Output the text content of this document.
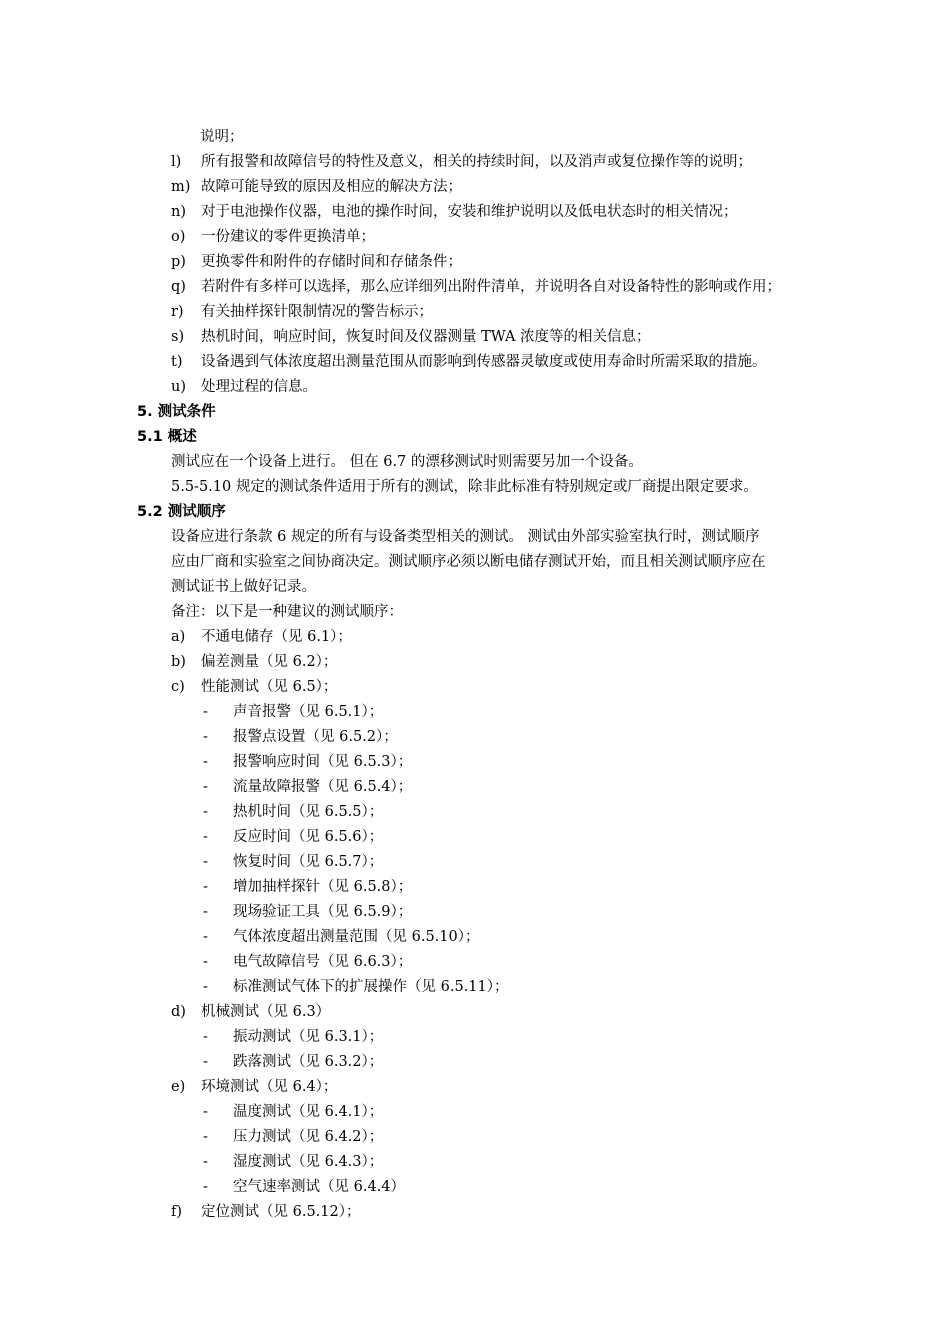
说明；
l) 所有报警和故障信号的特性及意义，相关的持续时间，以及消声或复位操作等的说明；
m) 故障可能导致的原因及相应的解决方法；
n) 对于电池操作仪器，电池的操作时间，安装和维护说明以及低电状态时的相关情况；
o) 一份建议的零件更换清单；
p) 更换零件和附件的存储时间和存储条件；
q) 若附件有多样可以选择，那么应详细列出附件清单，并说明各自对设备特性的影响或作用；
r) 有关抽样探针限制情况的警告标示；
s) 热机时间，响应时间，恢复时间及仪器测量 TWA 浓度等的相关信息；
t) 设备遇到气体浓度超出测量范围从而影响到传感器灵敏度或使用寿命时所需采取的措施。
u) 处理过程的信息。
5. 测试条件
5.1 概述
测试应在一个设备上进行。 但在 6.7 的漂移测试时则需要另加一个设备。
5.5-5.10 规定的测试条件适用于所有的测试，除非此标准有特别规定或厂商提出限定要求。
5.2 测试顺序
设备应进行条款 6 规定的所有与设备类型相关的测试。 测试由外部实验室执行时，测试顺序
应由厂商和实验室之间协商决定。测试顺序必须以断电储存测试开始，而且相关测试顺序应在
测试证书上做好记录。
备注：以下是一种建议的测试顺序：
a) 不通电储存（见 6.1）；
b) 偏差测量（见 6.2）；
c) 性能测试（见 6.5）；
- 声音报警（见 6.5.1）；
- 报警点设置（见 6.5.2）；
- 报警响应时间（见 6.5.3）；
- 流量故障报警（见 6.5.4）；
- 热机时间（见 6.5.5）；
- 反应时间（见 6.5.6）；
- 恢复时间（见 6.5.7）；
- 增加抽样探针（见 6.5.8）；
- 现场验证工具（见 6.5.9）；
- 气体浓度超出测量范围（见 6.5.10）；
- 电气故障信号（见 6.6.3）；
- 标准测试气体下的扩展操作（见 6.5.11）；
d) 机械测试（见 6.3）
- 振动测试（见 6.3.1）；
- 跌落测试（见 6.3.2）；
e) 环境测试（见 6.4）；
- 温度测试（见 6.4.1）；
- 压力测试（见 6.4.2）；
- 湿度测试（见 6.4.3）；
- 空气速率测试（见 6.4.4）
f) 定位测试（见 6.5.12）；
